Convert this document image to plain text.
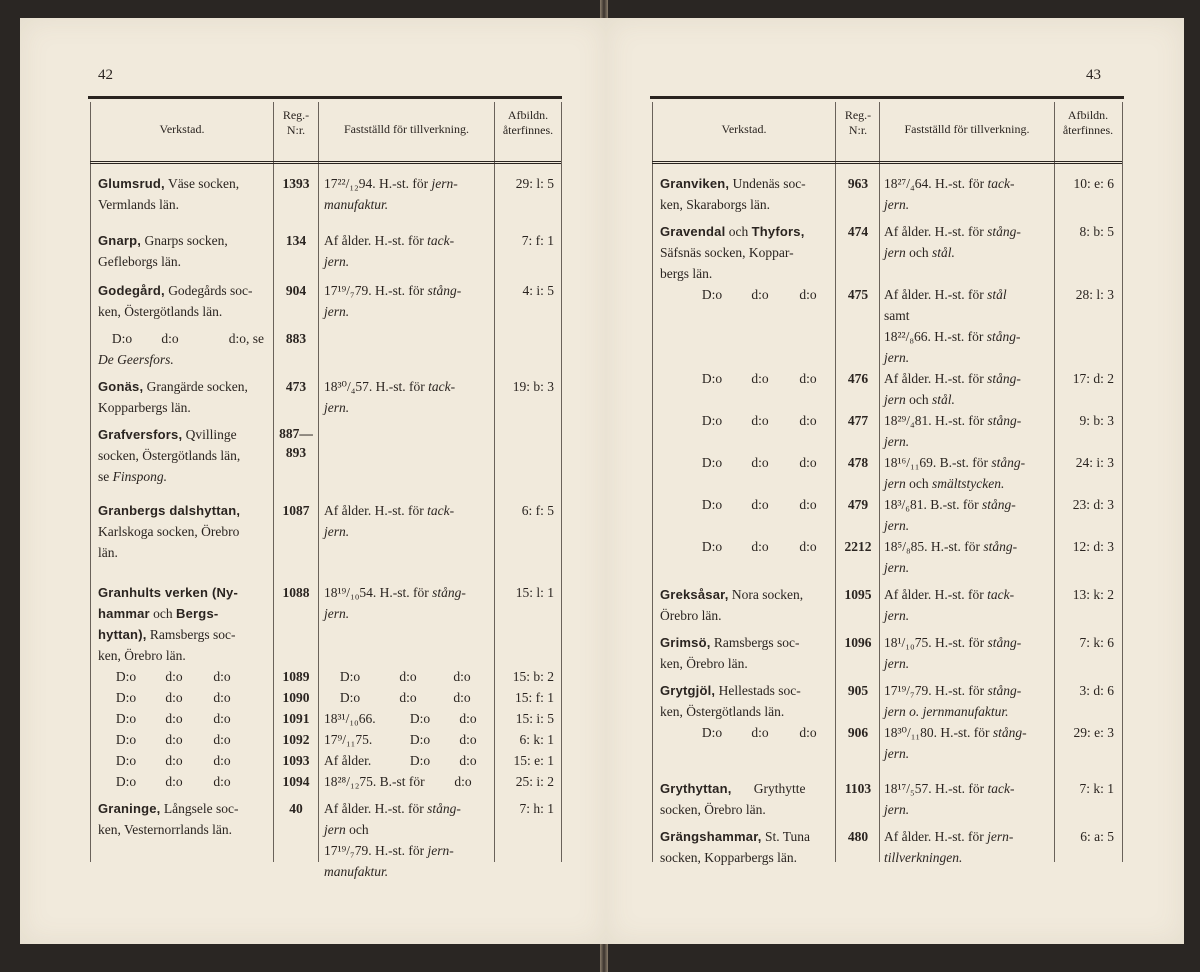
42
Verkstad.
Reg.-
N:r.	Fastställd för tillverkning.
Afbildn.
återfinnes.
Glumsrud, Väse socken,
Vermlands län.
1393	17²²/₁₂94. H.-st. för jern-
manufaktur.
29: l: 5
Gnarp, Gnarps socken,
Gefleborgs län.
134	Af ålder. H.-st. för tack-
jern.
7: f: 1
Godegård, Godegårds soc-
ken, Östergötlands län.
904	17¹⁹/₇79. H.-st. för stång-
jern.
4: i: 5
D:o d:o	d:o, se
De Geersfors.
883
Gonäs, Grangärde socken,
Kopparbergs län.
473	18³⁰/₄57. H.-st. för tack-
jern.
19: b: 3
Grafversfors, Qvillinge
socken, Östergötlands län,
se Finspong.
887—
893
Granbergs dalshyttan,
Karlskoga socken, Örebro
län.
1087	Af ålder. H.-st. för tack-
jern.
6: f: 5
Granhults verken (Ny-
hammar och Bergs-
hyttan), Ramsbergs soc-
ken, Örebro län.
1088	18¹⁹/₁₀54. H.-st. för stång-
jern.
15: l: 1
D:o d:o d:o	1089	D:o	d:o	d:o	15: b: 2
D:o d:o d:o	1090	D:o	d:o	d:o	15: f: 1
D:o d:o d:o	1091	18³¹/₁₀66.	D:o d:o	15: i: 5
D:o d:o d:o	1092	17⁹/₁₁75.	D:o d:o	6: k: 1
D:o d:o d:o	1093	Af ålder.	D:o d:o	15: e: 1
D:o d:o d:o	1094	18²⁸/₁₂75. B.-st för d:o	25: i: 2
Graninge, Långsele soc-
ken, Vesternorrlands län.
40	Af ålder. H.-st. för stång-
jern och
17¹⁹/₇79. H.-st. för jern-
manufaktur.
7: h: 1
43
Verkstad.
Reg.-
N:r.	Fastställd för tillverkning.
Afbildn.
återfinnes.
Granviken, Undenäs soc-
ken, Skaraborgs län.
963	18²⁷/₄64. H.-st. för tack-
jern.
10: e: 6
Gravendal och Thyfors,
Säfsnäs socken, Koppar-
bergs län.
474	Af ålder. H.-st. för stång-
jern och stål.
8: b: 5
D:o d:o d:o	475	Af ålder. H.-st. för stål
samt
18²²/₈66. H.-st. för stång-
jern.
28: l: 3
D:o d:o d:o	476	Af ålder. H.-st. för stång-
jern och stål.
17: d: 2
D:o d:o d:o	477	18²⁹/₄81. H.-st. för stång-
jern.
9: b: 3
D:o d:o d:o	478	18¹⁶/₁₁69. B.-st. för stång-
jern och smältstycken.
24: i: 3
D:o d:o d:o	479	18³/₆81. B.-st. för stång-
jern.
23: d: 3
D:o d:o d:o	2212 18⁵/₈85. H.-st. för stång-
jern.
12: d: 3
Greksåsar, Nora socken,
Örebro län.
1095 Af ålder. H.-st. för tack-
jern.
13: k: 2
Grimsö, Ramsbergs soc-
ken, Örebro län.
1096 18¹/₁₀75. H.-st. för stång-
jern.
7: k: 6
Grytgjöl, Hellestads soc-
ken, Östergötlands län.
905	17¹⁹/₇79. H.-st. för stång-
jern o. jernmanufaktur.
3: d: 6
D:o d:o d:o	906	18³⁰/₁₁80. H.-st. för stång-
jern.
29: e: 3
Grythyttan,Grythytte
socken, Örebro län.
1103 18¹⁷/₅57. H.-st. för tack-
jern.
7: k: 1
Grängshammar, St. Tuna
socken, Kopparbergs län.
480	Af ålder. H.-st. för jern-
tillverkningen.
6: a: 5
